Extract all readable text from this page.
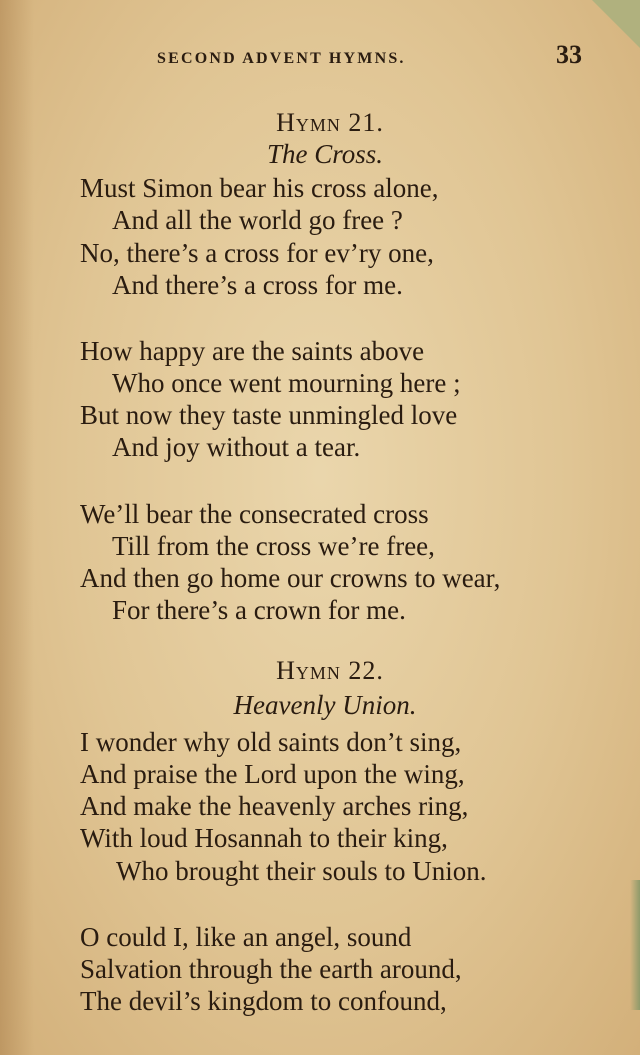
SECOND ADVENT HYMNS.	33
Hymn 21.
The Cross.
Must Simon bear his cross alone,
And all the world go free ?
No, there’s a cross for ev’ry one,
And there’s a cross for me.
How happy are the saints above
Who once went mourning here ;
But now they taste unmingled love
And joy without a tear.
We’ll bear the consecrated cross
Till from the cross we’re free,
And then go home our crowns to wear,
For there’s a crown for me.
Hymn 22.
Heavenly Union.
I wonder why old saints don’t sing,
And praise the Lord upon the wing,
And make the heavenly arches ring,
With loud Hosannah to their king,
Who brought their souls to Union.
O could I, like an angel, sound
Salvation through the earth around,
The devil’s kingdom to confound,
